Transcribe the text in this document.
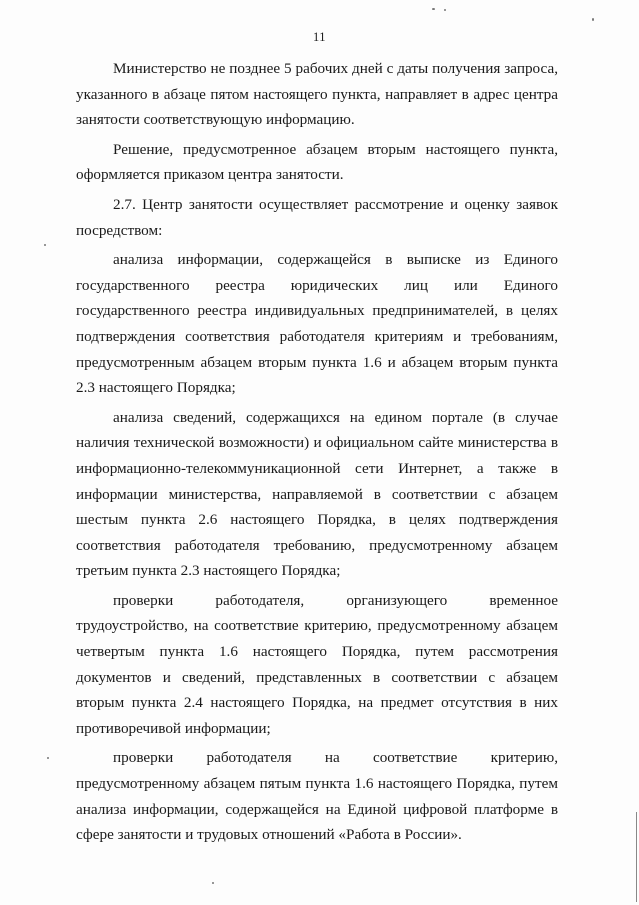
11

Министерство не позднее 5 рабочих дней с даты получения запроса, указанного в абзаце пятом настоящего пункта, направляет в адрес центра занятости соответствующую информацию.

Решение, предусмотренное абзацем вторым настоящего пункта, оформляется приказом центра занятости.

2.7. Центр занятости осуществляет рассмотрение и оценку заявок посредством:

анализа информации, содержащейся в выписке из Единого государственного реестра юридических лиц или Единого государственного реестра индивидуальных предпринимателей, в целях подтверждения соответствия работодателя критериям и требованиям, предусмотренным абзацем вторым пункта 1.6 и абзацем вторым пункта 2.3 настоящего Порядка;

анализа сведений, содержащихся на едином портале (в случае наличия технической возможности) и официальном сайте министерства в информационно-телекоммуникационной сети Интернет, а также в информации министерства, направляемой в соответствии с абзацем шестым пункта 2.6 настоящего Порядка, в целях подтверждения соответствия работодателя требованию, предусмотренному абзацем третьим пункта 2.3 настоящего Порядка;

проверки работодателя, организующего временное трудоустройство, на соответствие критерию, предусмотренному абзацем четвертым пункта 1.6 настоящего Порядка, путем рассмотрения документов и сведений, представленных в соответствии с абзацем вторым пункта 2.4 настоящего Порядка, на предмет отсутствия в них противоречивой информации;

проверки работодателя на соответствие критерию, предусмотренному абзацем пятым пункта 1.6 настоящего Порядка, путем анализа информации, содержащейся на Единой цифровой платформе в сфере занятости и трудовых отношений «Работа в России».
